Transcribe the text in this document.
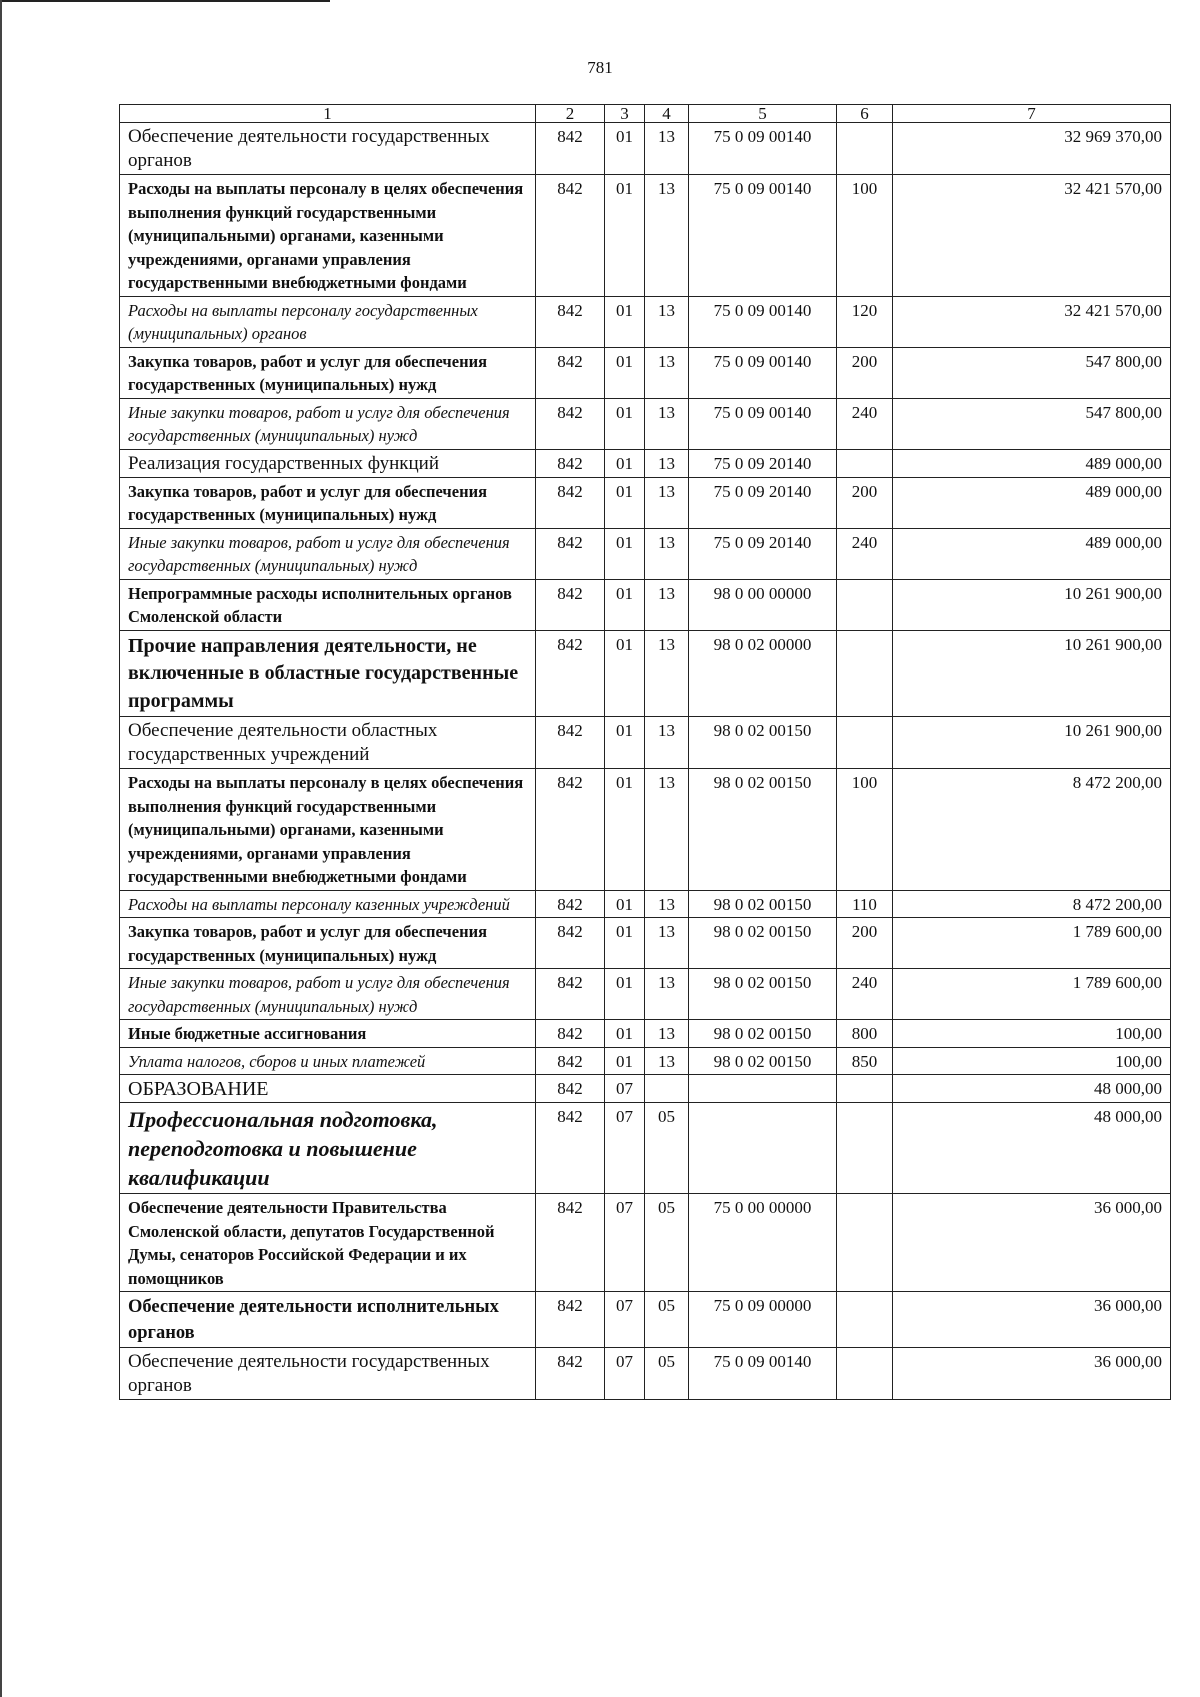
781
1	2	3	4	5	6	7
Обеспечение деятельности государственных органов	842	01	13	75 0 09 00140		32 969 370,00
Расходы на выплаты персоналу в целях обеспечения выполнения функций государственными (муниципальными) органами, казенными учреждениями, органами управления государственными внебюджетными фондами	842	01	13	75 0 09 00140	100	32 421 570,00
Расходы на выплаты персоналу государственных (муниципальных) органов	842	01	13	75 0 09 00140	120	32 421 570,00
Закупка товаров, работ и услуг для обеспечения государственных (муниципальных) нужд	842	01	13	75 0 09 00140	200	547 800,00
Иные закупки товаров, работ и услуг для обеспечения государственных (муниципальных) нужд	842	01	13	75 0 09 00140	240	547 800,00
Реализация государственных функций	842	01	13	75 0 09 20140		489 000,00
Закупка товаров, работ и услуг для обеспечения государственных (муниципальных) нужд	842	01	13	75 0 09 20140	200	489 000,00
Иные закупки товаров, работ и услуг для обеспечения государственных (муниципальных) нужд	842	01	13	75 0 09 20140	240	489 000,00
Непрограммные расходы исполнительных органов Смоленской области	842	01	13	98 0 00 00000		10 261 900,00
Прочие направления деятельности, не включенные в областные государственные программы	842	01	13	98 0 02 00000		10 261 900,00
Обеспечение деятельности областных государственных учреждений	842	01	13	98 0 02 00150		10 261 900,00
Расходы на выплаты персоналу в целях обеспечения выполнения функций государственными (муниципальными) органами, казенными учреждениями, органами управления государственными внебюджетными фондами	842	01	13	98 0 02 00150	100	8 472 200,00
Расходы на выплаты персоналу казенных учреждений	842	01	13	98 0 02 00150	110	8 472 200,00
Закупка товаров, работ и услуг для обеспечения государственных (муниципальных) нужд	842	01	13	98 0 02 00150	200	1 789 600,00
Иные закупки товаров, работ и услуг для обеспечения государственных (муниципальных) нужд	842	01	13	98 0 02 00150	240	1 789 600,00
Иные бюджетные ассигнования	842	01	13	98 0 02 00150	800	100,00
Уплата налогов, сборов и иных платежей	842	01	13	98 0 02 00150	850	100,00
ОБРАЗОВАНИЕ	842	07				48 000,00
Профессиональная подготовка, переподготовка и повышение квалификации	842	07	05			48 000,00
Обеспечение деятельности Правительства Смоленской области, депутатов Государственной Думы, сенаторов Российской Федерации и их помощников	842	07	05	75 0 00 00000		36 000,00
Обеспечение деятельности исполнительных органов	842	07	05	75 0 09 00000		36 000,00
Обеспечение деятельности государственных органов	842	07	05	75 0 09 00140		36 000,00
